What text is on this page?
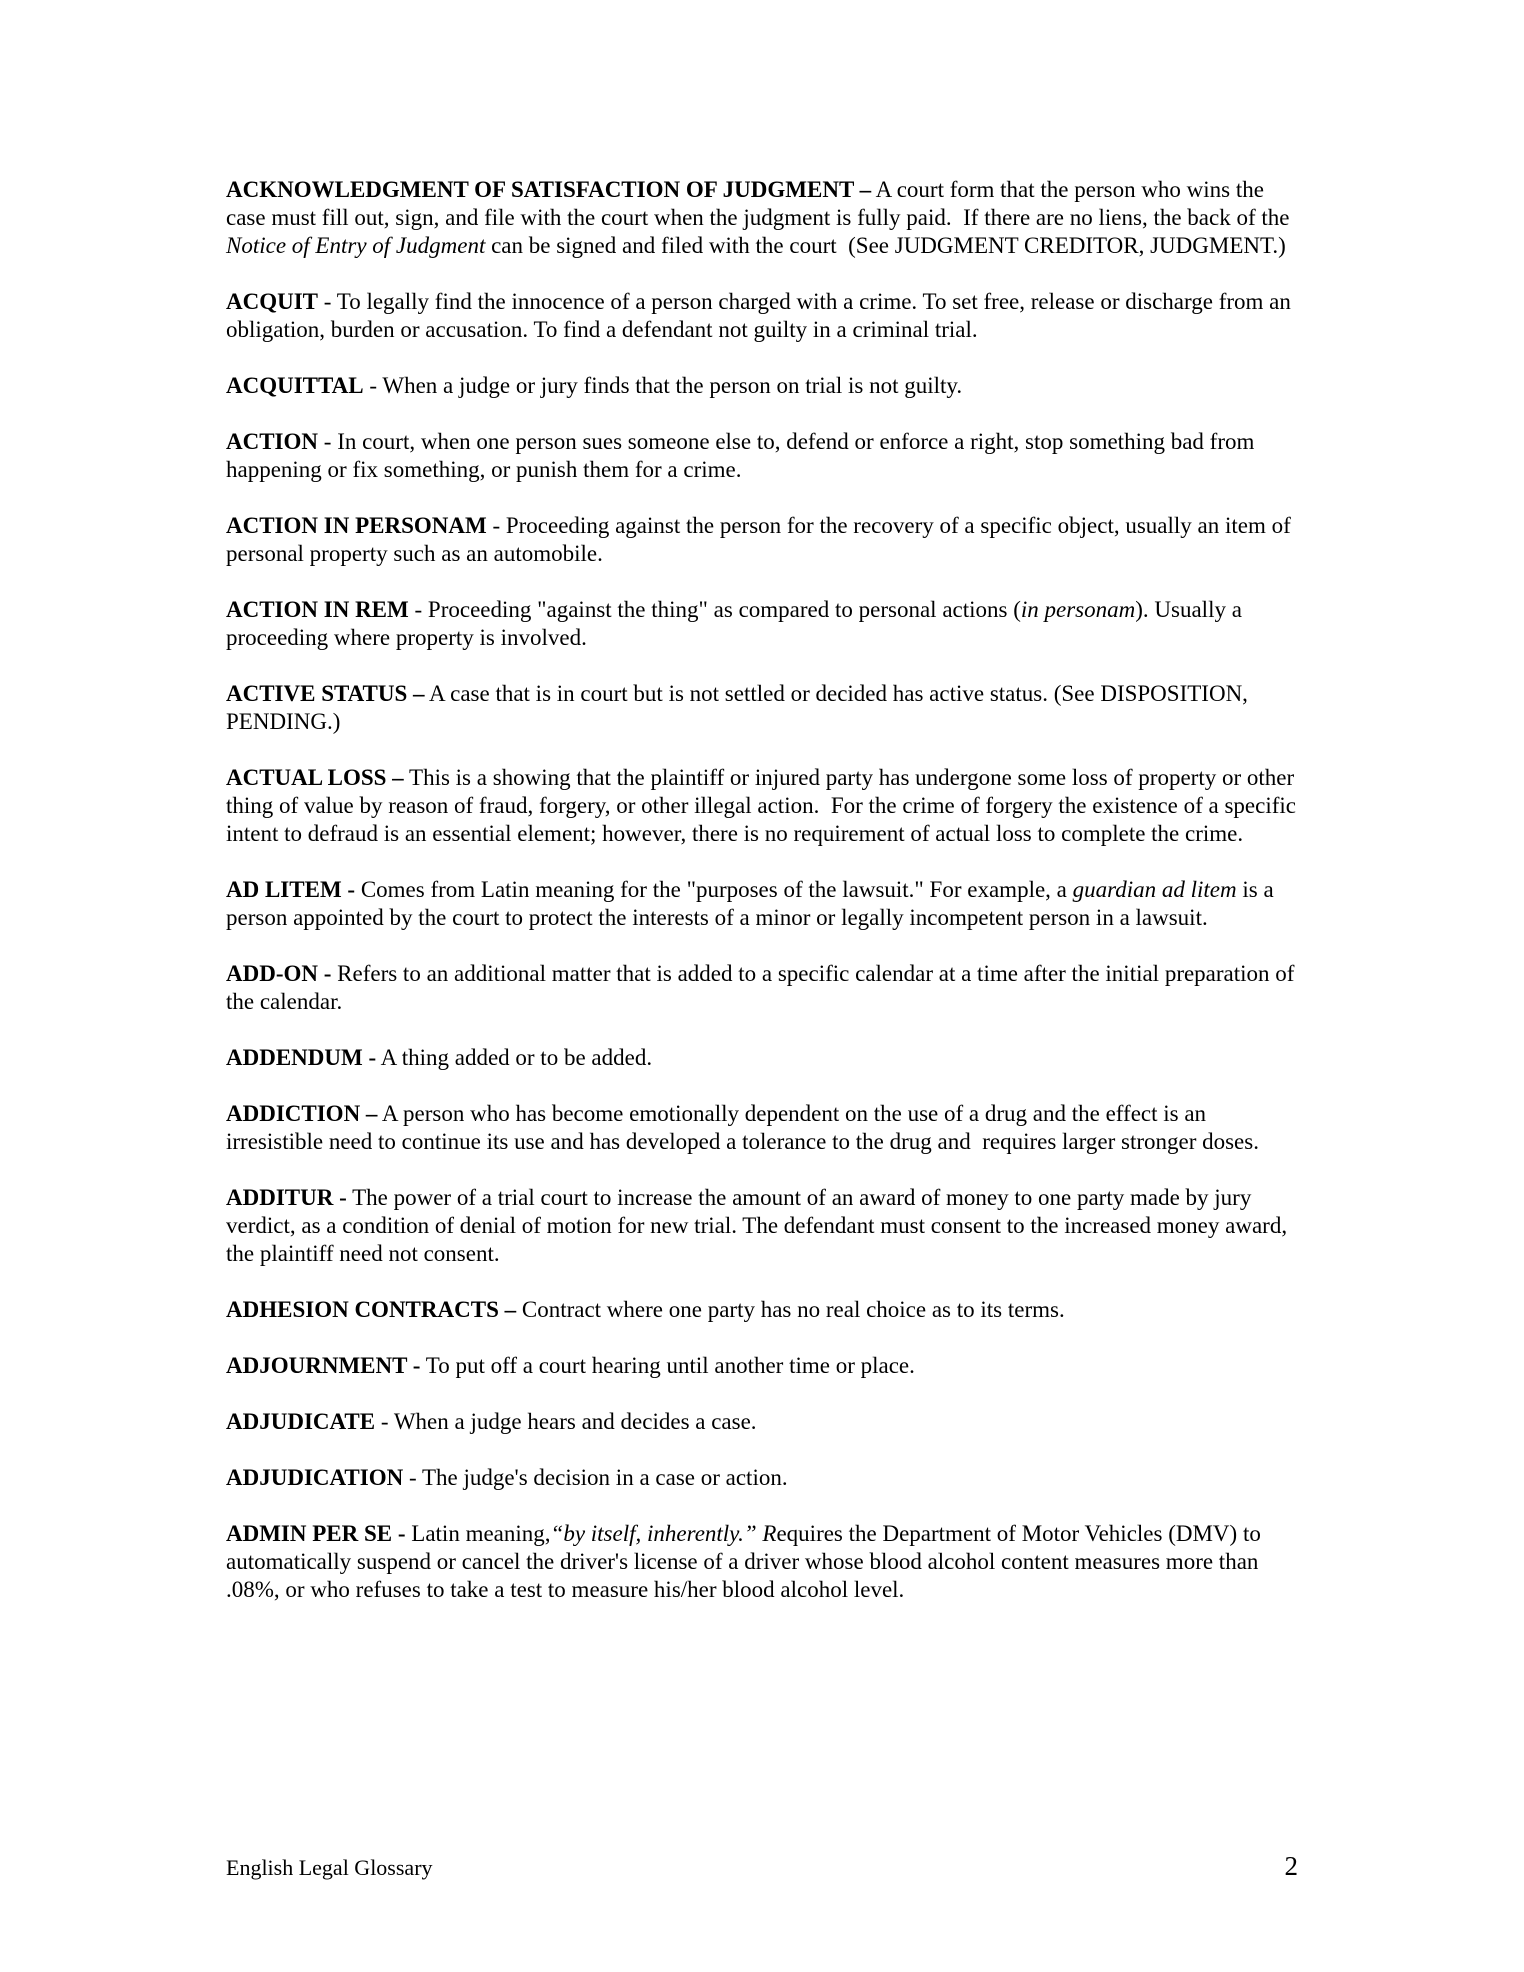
ACKNOWLEDGMENT OF SATISFACTION OF JUDGMENT – A court form that the person who wins the case must fill out, sign, and file with the court when the judgment is fully paid.  If there are no liens, the back of the Notice of Entry of Judgment can be signed and filed with the court  (See JUDGMENT CREDITOR, JUDGMENT.)

ACQUIT - To legally find the innocence of a person charged with a crime. To set free, release or discharge from an obligation, burden or accusation. To find a defendant not guilty in a criminal trial.

ACQUITTAL - When a judge or jury finds that the person on trial is not guilty.

ACTION - In court, when one person sues someone else to, defend or enforce a right, stop something bad from happening or fix something, or punish them for a crime.

ACTION IN PERSONAM - Proceeding against the person for the recovery of a specific object, usually an item of personal property such as an automobile.

ACTION IN REM - Proceeding "against the thing" as compared to personal actions (in personam). Usually a proceeding where property is involved.

ACTIVE STATUS – A case that is in court but is not settled or decided has active status. (See DISPOSITION, PENDING.)

ACTUAL LOSS – This is a showing that the plaintiff or injured party has undergone some loss of property or other thing of value by reason of fraud, forgery, or other illegal action.  For the crime of forgery the existence of a specific intent to defraud is an essential element; however, there is no requirement of actual loss to complete the crime.

AD LITEM - Comes from Latin meaning for the "purposes of the lawsuit." For example, a guardian ad litem is a person appointed by the court to protect the interests of a minor or legally incompetent person in a lawsuit.

ADD-ON - Refers to an additional matter that is added to a specific calendar at a time after the initial preparation of the calendar.

ADDENDUM - A thing added or to be added.

ADDICTION – A person who has become emotionally dependent on the use of a drug and the effect is an irresistible need to continue its use and has developed a tolerance to the drug and  requires larger stronger doses.

ADDITUR - The power of a trial court to increase the amount of an award of money to one party made by jury verdict, as a condition of denial of motion for new trial. The defendant must consent to the increased money award, the plaintiff need not consent.

ADHESION CONTRACTS – Contract where one party has no real choice as to its terms.

ADJOURNMENT - To put off a court hearing until another time or place.

ADJUDICATE - When a judge hears and decides a case.

ADJUDICATION - The judge's decision in a case or action.

ADMIN PER SE - Latin meaning,“by itself, inherently.” Requires the Department of Motor Vehicles (DMV) to automatically suspend or cancel the driver's license of a driver whose blood alcohol content measures more than .08%, or who refuses to take a test to measure his/her blood alcohol level.

English Legal Glossary	2
